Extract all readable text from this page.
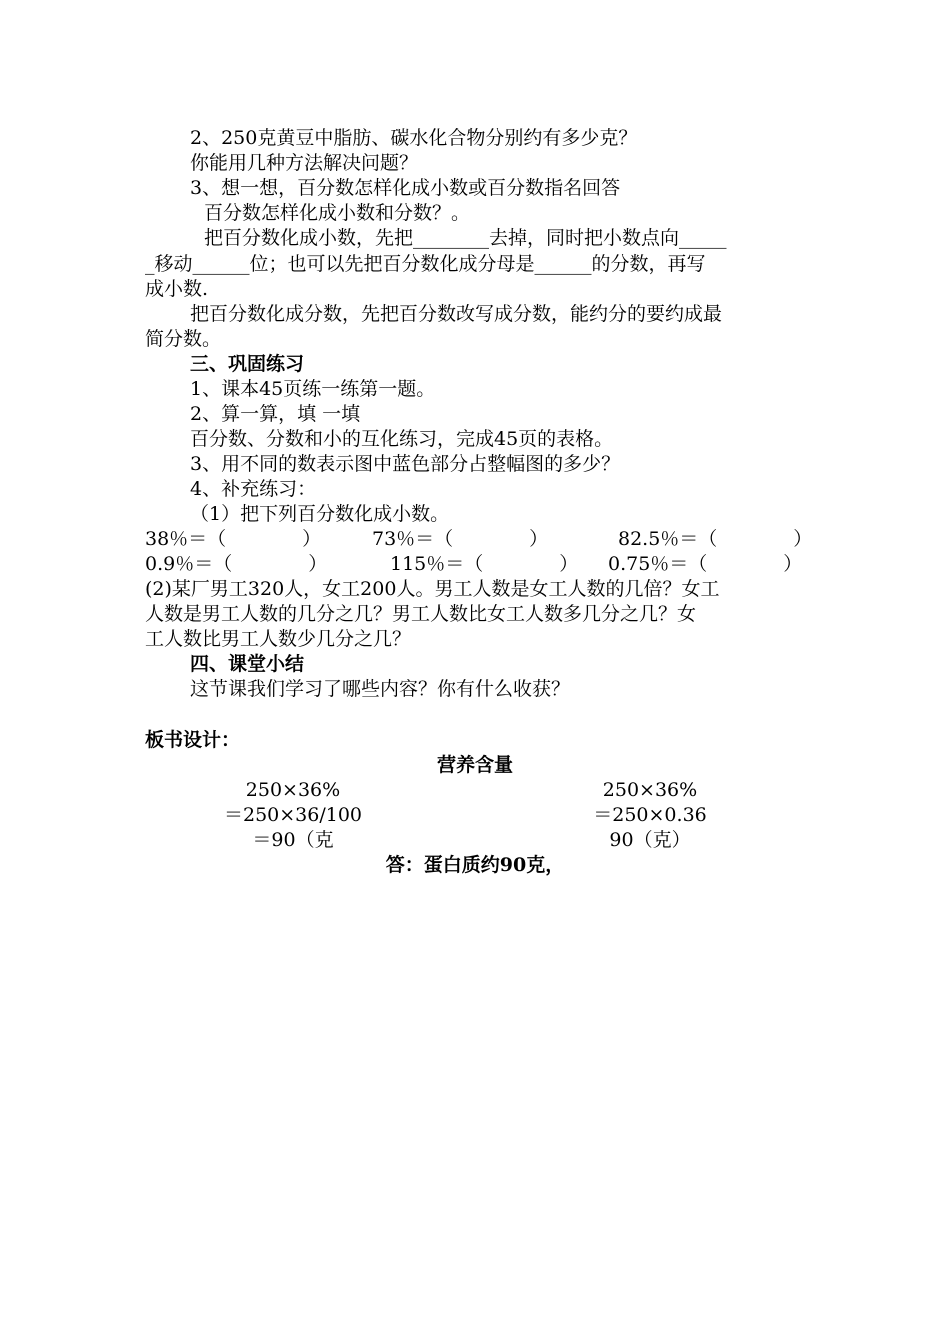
2、250克黄豆中脂肪、碳水化合物分别约有多少克？

你能用几种方法解决问题？

3、想一想，百分数怎样化成小数或百分数指名回答

百分数怎样化成小数和分数？。

把百分数化成小数，先把________去掉，同时把小数点向_____

_移动______位；也可以先把百分数化成分母是______的分数，再写

成小数.

把百分数化成分数，先把百分数改写成分数，能约分的要约成最

简分数。

三、巩固练习

1、课本45页练一练第一题。

2、算一算，填 一填

百分数、分数和小的互化练习，完成45页的表格。

3、用不同的数表示图中蓝色部分占整幅图的多少？

4、补充练习：

（1）把下列百分数化成小数。

38％＝（　　　　）	73％＝（　　　　）	82.5％＝（　　　　）

0.9％＝（　　　　）	115％＝（　　　　） 0.75％＝（　　　　）

(2)某厂男工320人，女工200人。男工人数是女工人数的几倍？女工

人数是男工人数的几分之几？男工人数比女工人数多几分之几？女

工人数比男工人数少几分之几？

四、课堂小结

这节课我们学习了哪些内容？你有什么收获？

板书设计：

营养含量

250×36%

＝250×36/100

＝90（克

250×36%

＝250×0.36

90（克）

答：蛋白质约90克，
